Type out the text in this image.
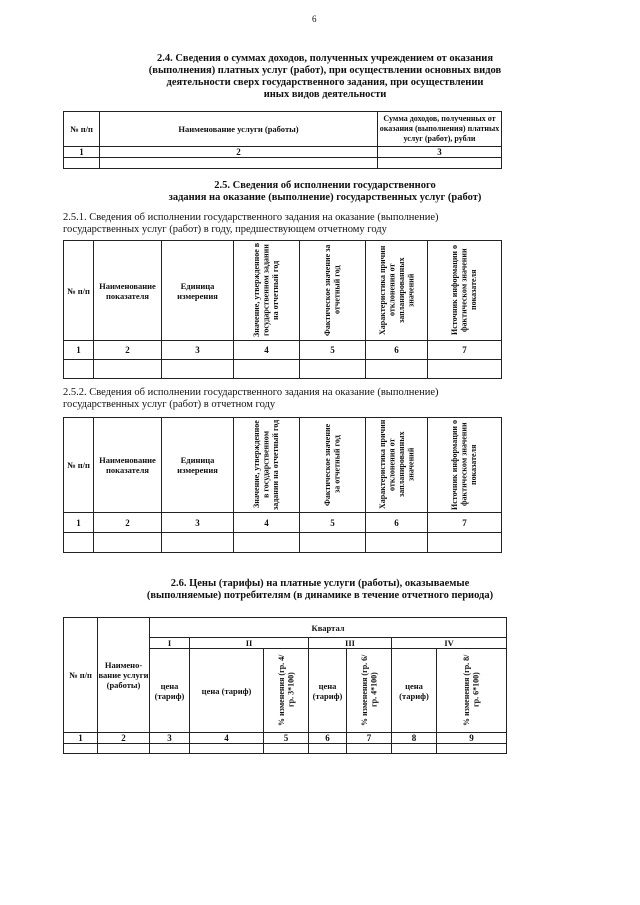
6
2.4. Сведения о суммах доходов, полученных учреждением от оказания
(выполнения) платных услуг (работ), при осуществлении основных видов
деятельности сверх государственного задания, при осуществлении
иных видов деятельности
№ п/п	Наименование услуги (работы)	Сумма доходов, полученных от оказания (выполнения) платных услуг (работ), рубли
1	2	3

2.5. Сведения об исполнении государственного
задания на оказание (выполнение) государственных услуг (работ)
2.5.1. Сведения об исполнении государственного задания на оказание (выполнение)
государственных услуг (работ) в году, предшествующем отчетному году
№ п/п	Наименование показателя	Единица измерения	Значение, утвержденное в государственном задании на отчетный год	Фактическое значение за отчетный год	Характеристика причин отклонения от запланированных значений	Источник информации о фактическом значении показателя
1	2	3	4	5	6	7

2.5.2. Сведения об исполнении государственного задания на оказание (выполнение)
государственных услуг (работ) в отчетном году
№ п/п	Наименование показателя	Единица измерения	Значение, утвержденное в государственном задании на отчетный год	Фактическое значение за отчетный год	Характеристика причин отклонения от запланированных значений	Источник информации о фактическом значении показателя
1	2	3	4	5	6	7

2.6. Цены (тарифы) на платные услуги (работы), оказываемые
(выполняемые) потребителям (в динамике в течение отчетного периода)
№ п/п	Наимено-вание услуги (работы)	Квартал						
		I	II		III		IV	
		цена (тариф)	цена (тариф)	% изменения (гр. 4/гр. 3*100)	цена (тариф)	% изменения (гр. 6/гр. 4*100)	цена (тариф)	% изменения (гр. 8/гр. 6*100)
1	2	3	4	5	6	7	8	9
